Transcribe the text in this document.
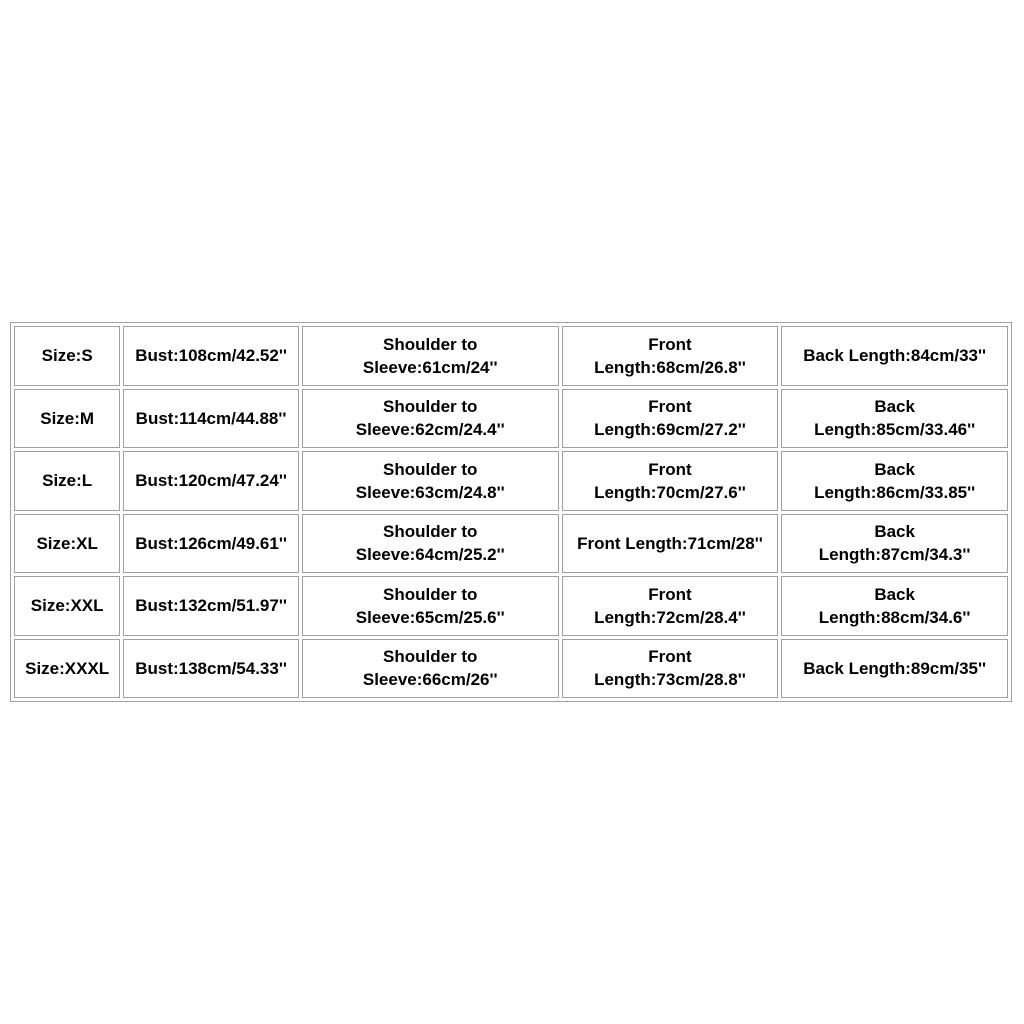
Size:S	Bust:108cm/42.52''	Shoulder to
Sleeve:61cm/24''	Front
Length:68cm/26.8''	Back Length:84cm/33''
Size:M	Bust:114cm/44.88''	Shoulder to
Sleeve:62cm/24.4''	Front
Length:69cm/27.2''	Back
Length:85cm/33.46''
Size:L	Bust:120cm/47.24''	Shoulder to
Sleeve:63cm/24.8''	Front
Length:70cm/27.6''	Back
Length:86cm/33.85''
Size:XL	Bust:126cm/49.61''	Shoulder to
Sleeve:64cm/25.2''	Front Length:71cm/28''	Back
Length:87cm/34.3''
Size:XXL	Bust:132cm/51.97''	Shoulder to
Sleeve:65cm/25.6''	Front
Length:72cm/28.4''	Back
Length:88cm/34.6''
Size:XXXL	Bust:138cm/54.33''	Shoulder to
Sleeve:66cm/26''	Front
Length:73cm/28.8''	Back Length:89cm/35''
